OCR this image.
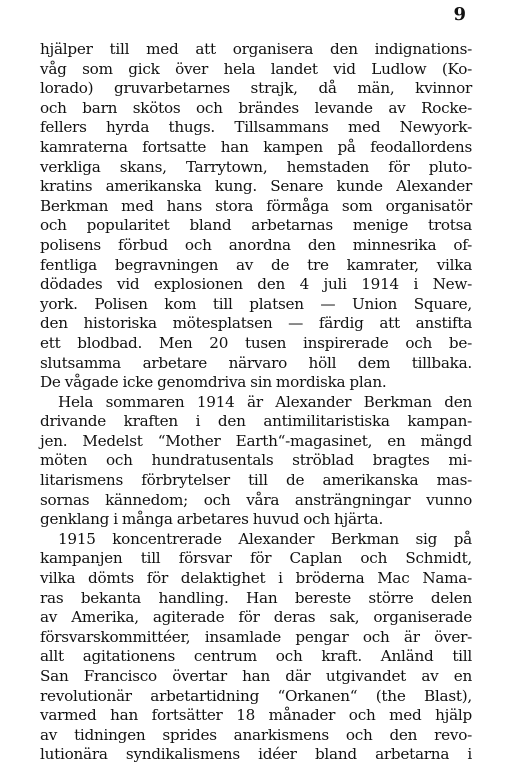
9
hjälper till med att organisera den indignations-
våg som gick över hela landet vid Ludlow (Ko-
lorado) gruvarbetarnes strajk, då män, kvinnor
och barn skötos och brändes levande av Rocke-
fellers hyrda thugs. Tillsammans med Newyork-
kamraterna fortsatte han kampen på feodallordens
verkliga skans, Tarrytown, hemstaden för pluto-
kratins amerikanska kung. Senare kunde Alexander
Berkman med hans stora förmåga som organisatör
och popularitet bland arbetarnas menige trotsa
polisens förbud och anordna den minnesrika of-
fentliga begravningen av de tre kamrater, vilka
dödades vid explosionen den 4 juli 1914 i New-
york. Polisen kom till platsen — Union Square,
den historiska mötesplatsen — färdig att anstifta
ett blodbad. Men 20 tusen inspirerade och be-
slutsamma arbetare närvaro höll dem tillbaka.
De vågade icke genomdriva sin mordiska plan.
Hela sommaren 1914 är Alexander Berkman den
drivande kraften i den antimilitaristiska kampan-
jen. Medelst “Mother Earth“-magasinet, en mängd
möten och hundratusentals ströblad bragtes mi-
litarismens förbrytelser till de amerikanska mas-
sornas kännedom; och våra ansträngningar vunno
genklang i många arbetares huvud och hjärta.
1915 koncentrerade Alexander Berkman sig på
kampanjen till försvar för Caplan och Schmidt,
vilka dömts för delaktighet i bröderna Mac Nama-
ras bekanta handling. Han bereste större delen
av Amerika, agiterade för deras sak, organiserade
försvarskommittéer, insamlade pengar och är över-
allt agitationens centrum och kraft. Anländ till
San Francisco övertar han där utgivandet av en
revolutionär arbetartidning “Orkanen“ (the Blast),
varmed han fortsätter 18 månader och med hjälp
av tidningen sprides anarkismens och den revo-
lutionära syndikalismens idéer bland arbetarna i
